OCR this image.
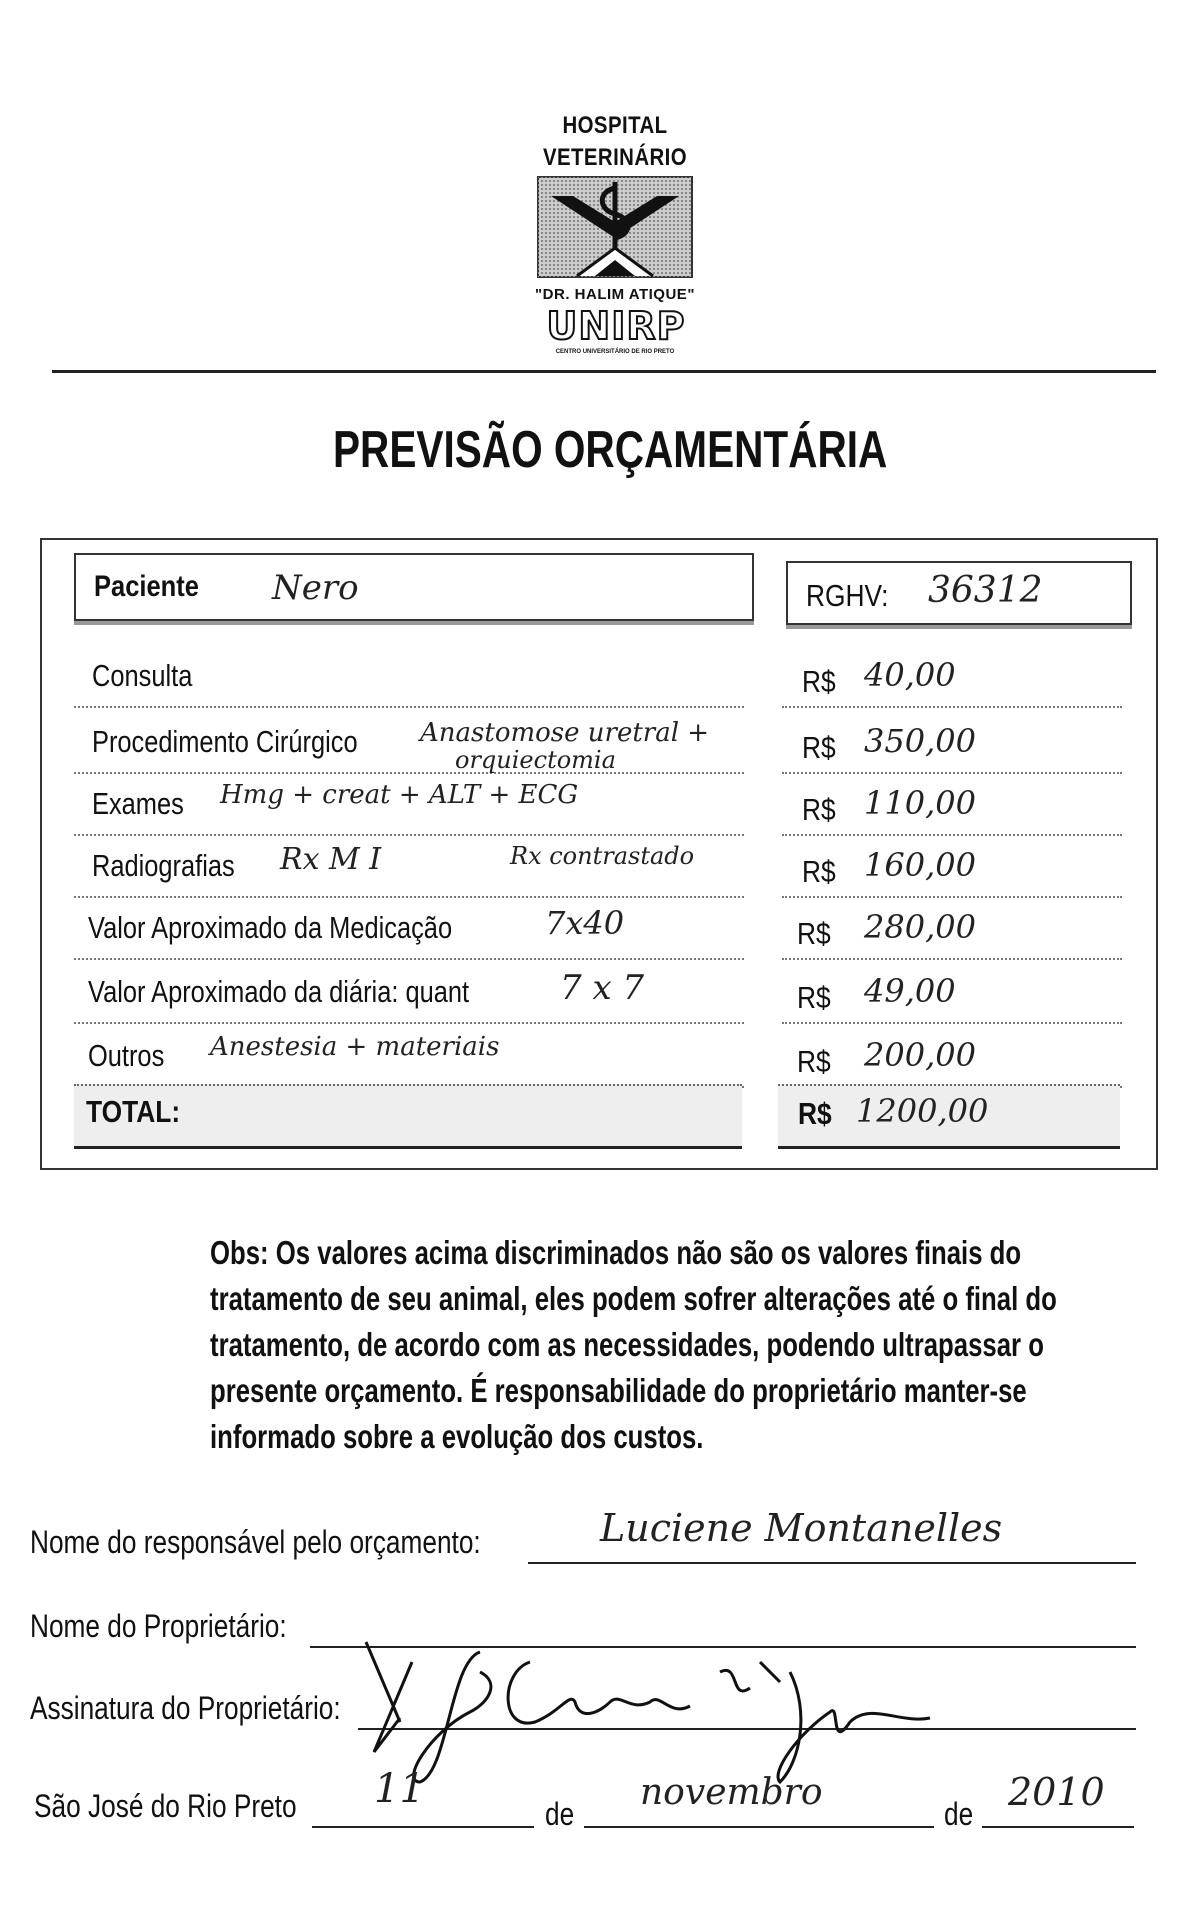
HOSPITAL
VETERINÁRIO
"DR. HALIM ATIQUE"
UNIRP
CENTRO UNIVERSITÁRIO DE RIO PRETO
PREVISÃO ORÇAMENTÁRIA
Paciente Nero	RGHV: 36312
Consulta	R$ 40,00
Procedimento Cirúrgico Anastomose uretral +
orquiectomia	R$ 350,00
Exames Hmg + creat + ALT + ECG	R$ 110,00
Radiografias Rx M I	Rx contrastado	R$ 160,00
Valor Aproximado da Medicação	7x40	R$ 280,00
Valor Aproximado da diária: quant	7 x 7	R$ 49,00
Outros Anestesia + materiais	R$ 200,00
TOTAL:	R$ 1200,00
Obs: Os valores acima discriminados não são os valores finais do
tratamento de seu animal, eles podem sofrer alterações até o final do
tratamento, de acordo com as necessidades, podendo ultrapassar o
presente orçamento. É responsabilidade do proprietário manter-se
informado sobre a evolução dos custos.
Nome do responsável pelo orçamento:	Luciene Montanelles
Nome do Proprietário:
Assinatura do Proprietário:
São José do Rio Preto 11
de
novembro
de 2010
